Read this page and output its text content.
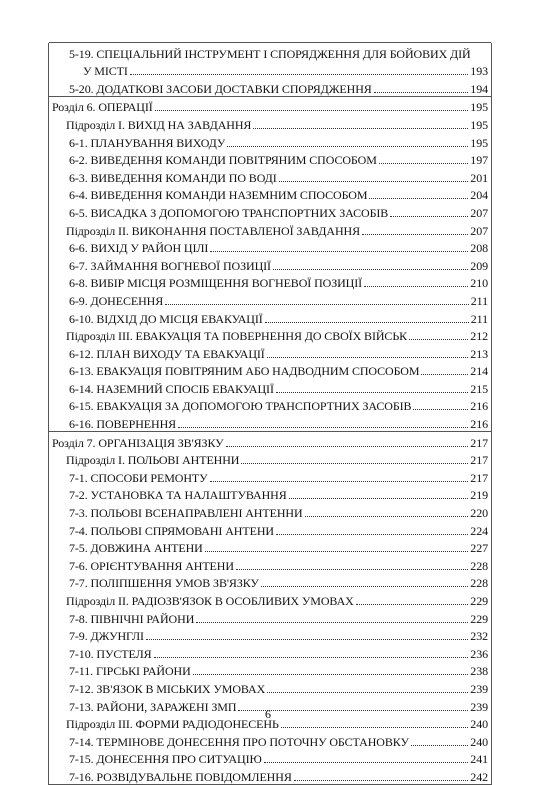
5-19. СПЕЦІАЛЬНИЙ ІНСТРУМЕНТ І СПОРЯДЖЕННЯ ДЛЯ БОЙОВИХ ДІЙ
У МІСТІ	193
5-20. ДОДАТКОВІ ЗАСОБИ ДОСТАВКИ СПОРЯДЖЕННЯ	194
Розділ 6. ОПЕРАЦІЇ	195
Підрозділ I. ВИХІД НА ЗАВДАННЯ	195
6-1. ПЛАНУВАННЯ ВИХОДУ	195
6-2. ВИВЕДЕННЯ КОМАНДИ ПОВІТРЯНИМ СПОСОБОМ	197
6-3. ВИВЕДЕННЯ КОМАНДИ ПО ВОДІ	201
6-4. ВИВЕДЕННЯ КОМАНДИ НАЗЕМНИМ СПОСОБОМ	204
6-5. ВИСАДКА З ДОПОМОГОЮ ТРАНСПОРТНИХ ЗАСОБІВ	207
Підрозділ II. ВИКОНАННЯ ПОСТАВЛЕНОЇ ЗАВДАННЯ	207
6-6. ВИХІД У РАЙОН ЦІЛІ	208
6-7. ЗАЙМАННЯ ВОГНЕВОЇ ПОЗИЦІЇ	209
6-8. ВИБІР МІСЦЯ РОЗМІЩЕННЯ ВОГНЕВОЇ ПОЗИЦІЇ	210
6-9. ДОНЕСЕННЯ	211
6-10. ВІДХІД ДО МІСЦЯ ЕВАКУАЦІЇ	211
Підрозділ III. ЕВАКУАЦІЯ ТА ПОВЕРНЕННЯ ДО СВОЇХ ВІЙСЬК	212
6-12. ПЛАН ВИХОДУ ТА ЕВАКУАЦІЇ	213
6-13. ЕВАКУАЦІЯ ПОВІТРЯНИМ АБО НАДВОДНИМ СПОСОБОМ	214
6-14. НАЗЕМНИЙ СПОСІБ ЕВАКУАЦІЇ	215
6-15. ЕВАКУАЦІЯ ЗА ДОПОМОГОЮ ТРАНСПОРТНИХ ЗАСОБІВ	216
6-16. ПОВЕРНЕННЯ	216
Розділ 7. ОРГАНІЗАЦІЯ ЗВ'ЯЗКУ	217
Підрозділ I. ПОЛЬОВІ АНТЕННИ	217
7-1. СПОСОБИ РЕМОНТУ	217
7-2. УСТАНОВКА ТА НАЛАШТУВАННЯ	219
7-3. ПОЛЬОВІ ВСЕНАПРАВЛЕНІ АНТЕННИ	220
7-4. ПОЛЬОВІ СПРЯМОВАНІ АНТЕНИ	224
7-5. ДОВЖИНА АНТЕНИ	227
7-6. ОРІЄНТУВАННЯ АНТЕНИ	228
7-7. ПОЛІПШЕННЯ УМОВ ЗВ'ЯЗКУ	228
Підрозділ II. РАДІОЗВ'ЯЗОК В ОСОБЛИВИХ УМОВАХ	229
7-8. ПІВНІЧНІ РАЙОНИ	229
7-9. ДЖУНГЛІ	232
7-10. ПУСТЕЛЯ	236
7-11. ГІРСЬКІ РАЙОНИ	238
7-12. ЗВ'ЯЗОК В МІСЬКИХ УМОВАХ	239
7-13. РАЙОНИ, ЗАРАЖЕНІ ЗМП	239
Підрозділ III. ФОРМИ РАДІОДОНЕСЕНЬ	240
7-14. ТЕРМІНОВЕ ДОНЕСЕННЯ ПРО ПОТОЧНУ ОБСТАНОВКУ	240
7-15. ДОНЕСЕННЯ ПРО СИТУАЦІЮ	241
7-16. РОЗВІДУВАЛЬНЕ ПОВІДОМЛЕННЯ	242
6
